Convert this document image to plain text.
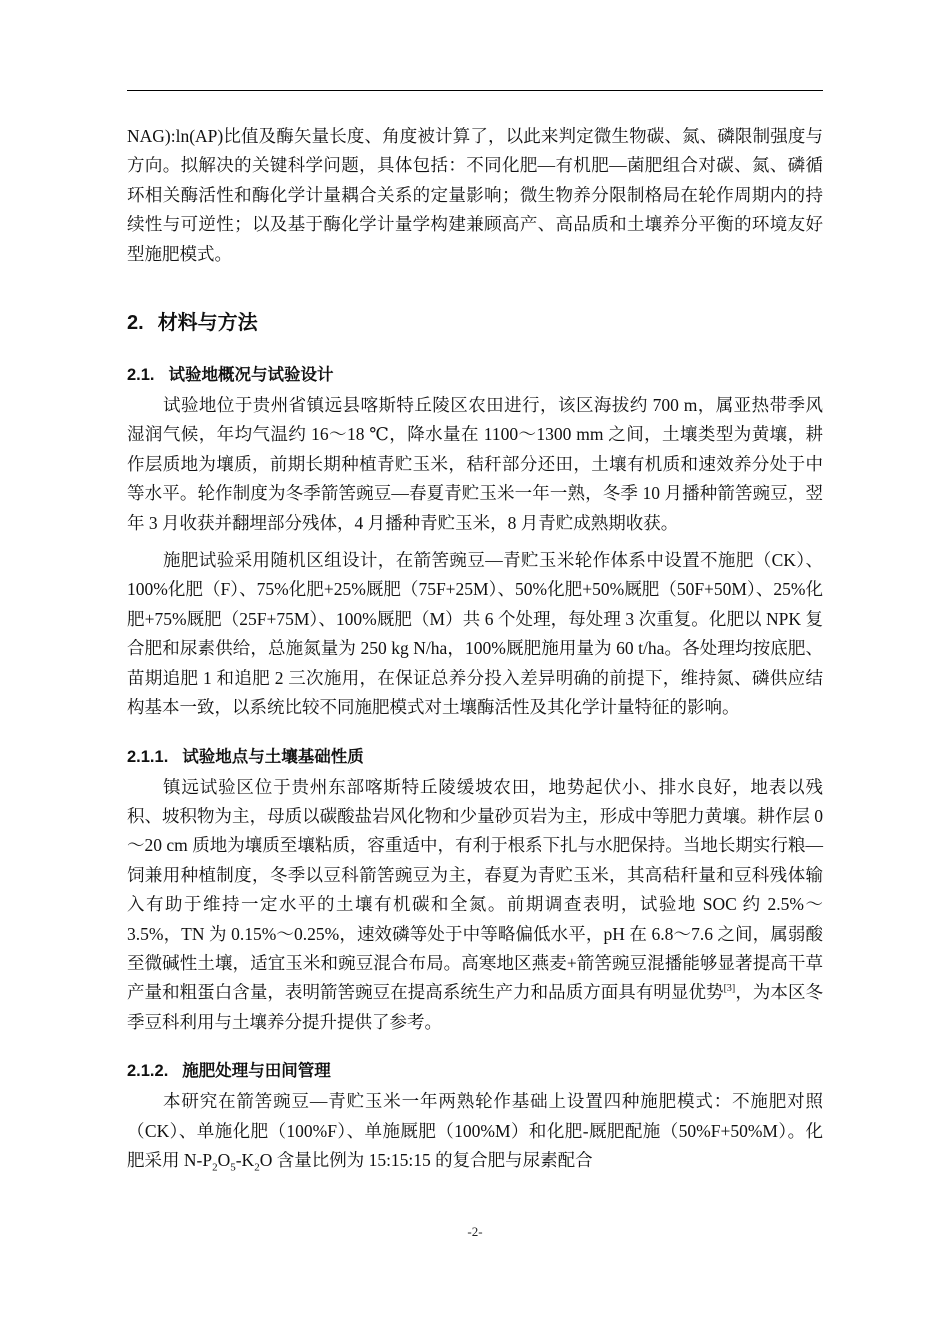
NAG):ln(AP)比值及酶矢量长度、角度被计算了，以此来判定微生物碳、氮、磷限制强度与方向。拟解决的关键科学问题，具体包括：不同化肥—有机肥—菌肥组合对碳、氮、磷循环相关酶活性和酶化学计量耦合关系的定量影响；微生物养分限制格局在轮作周期内的持续性与可逆性；以及基于酶化学计量学构建兼顾高产、高品质和土壤养分平衡的环境友好型施肥模式。

2. 材料与方法
2.1. 试验地概况与试验设计

试验地位于贵州省镇远县喀斯特丘陵区农田进行，该区海拔约 700 m，属亚热带季风湿润气候，年均气温约 16～18 ℃，降水量在 1100～1300 mm 之间，土壤类型为黄壤，耕作层质地为壤质，前期长期种植青贮玉米，秸秆部分还田，土壤有机质和速效养分处于中等水平。轮作制度为冬季箭筈豌豆—春夏青贮玉米一年一熟，冬季 10 月播种箭筈豌豆，翌年 3 月收获并翻埋部分残体，4 月播种青贮玉米，8 月青贮成熟期收获。

施肥试验采用随机区组设计，在箭筈豌豆—青贮玉米轮作体系中设置不施肥（CK）、100%化肥（F）、75%化肥+25%厩肥（75F+25M）、50%化肥+50%厩肥（50F+50M）、25%化肥+75%厩肥（25F+75M）、100%厩肥（M）共 6 个处理，每处理 3 次重复。化肥以 NPK 复合肥和尿素供给，总施氮量为 250 kg N/ha，100%厩肥施用量为 60 t/ha。各处理均按底肥、苗期追肥 1 和追肥 2 三次施用，在保证总养分投入差异明确的前提下，维持氮、磷供应结构基本一致，以系统比较不同施肥模式对土壤酶活性及其化学计量特征的影响。

2.1.1. 试验地点与土壤基础性质

镇远试验区位于贵州东部喀斯特丘陵缓坡农田，地势起伏小、排水良好，地表以残积、坡积物为主，母质以碳酸盐岩风化物和少量砂页岩为主，形成中等肥力黄壤。耕作层 0～20 cm 质地为壤质至壤粘质，容重适中，有利于根系下扎与水肥保持。当地长期实行粮—饲兼用种植制度，冬季以豆科箭筈豌豆为主，春夏为青贮玉米，其高秸秆量和豆科残体输入有助于维持一定水平的土壤有机碳和全氮。前期调查表明，试验地 SOC 约 2.5%～3.5%，TN 为 0.15%～0.25%，速效磷等处于中等略偏低水平，pH 在 6.8～7.6 之间，属弱酸至微碱性土壤，适宜玉米和豌豆混合布局。高寒地区燕麦+箭筈豌豆混播能够显著提高干草产量和粗蛋白含量，表明箭筈豌豆在提高系统生产力和品质方面具有明显优势[3]，为本区冬季豆科利用与土壤养分提升提供了参考。

2.1.2. 施肥处理与田间管理

本研究在箭筈豌豆—青贮玉米一年两熟轮作基础上设置四种施肥模式：不施肥对照（CK）、单施化肥（100%F）、单施厩肥（100%M）和化肥-厩肥配施（50%F+50%M）。化肥采用 $N-P_2O_5-K_2O$ 含量比例为 15:15:15 的复合肥与尿素配合

-2-
